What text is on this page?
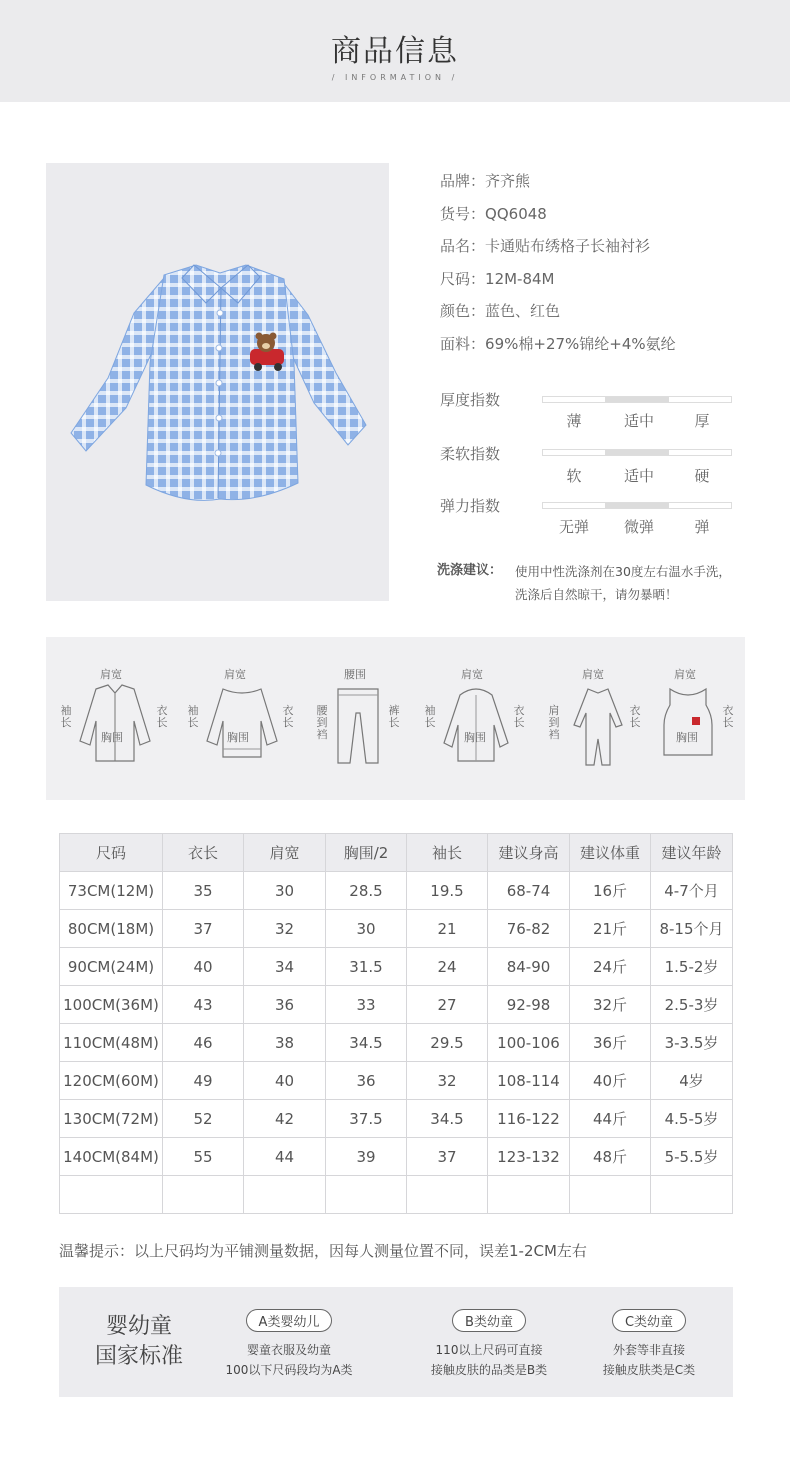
商品信息
/ INFORMATION /
品牌：齐齐熊
货号：QQ6048
品名：卡通贴布绣格子长袖衬衫
尺码：12M-84M
颜色：蓝色、红色
面料：69%棉+27%锦纶+4%氨纶
厚度指数
薄	适中	厚
柔软指数
软	适中	硬
弹力指数
无弹	微弹	弹
洗涤建议： 使用中性洗涤剂在30度左右温水手洗，
洗涤后自然晾干，请勿暴晒！
肩宽
袖长
衣长
胸围
肩宽
袖长
衣长
胸围
腰围
腰到裆
裤长
肩宽
袖长
衣长
胸围
肩宽
肩到裆
衣长
肩宽
衣长
胸围
尺码	衣长	肩宽	胸围/2	袖长	建议身高	建议体重	建议年龄
73CM(12M)	35	30	28.5	19.5	68-74	16斤	4-7个月
80CM(18M)	37	32	30	21	76-82	21斤	8-15个月
90CM(24M)	40	34	31.5	24	84-90	24斤	1.5-2岁
100CM(36M)	43	36	33	27	92-98	32斤	2.5-3岁
110CM(48M)	46	38	34.5	29.5	100-106	36斤	3-3.5岁
120CM(60M)	49	40	36	32	108-114	40斤	4岁
130CM(72M)	52	42	37.5	34.5	116-122	44斤	4.5-5岁
140CM(84M)	55	44	39	37	123-132	48斤	5-5.5岁

温馨提示：以上尺码均为平铺测量数据，因每人测量位置不同，误差1-2CM左右
婴幼童
国家标准
A类婴幼儿
婴童衣服及幼童
100以下尺码段均为A类
B类幼童
110以上尺码可直接
接触皮肤的品类是B类
C类幼童
外套等非直接
接触皮肤类是C类
